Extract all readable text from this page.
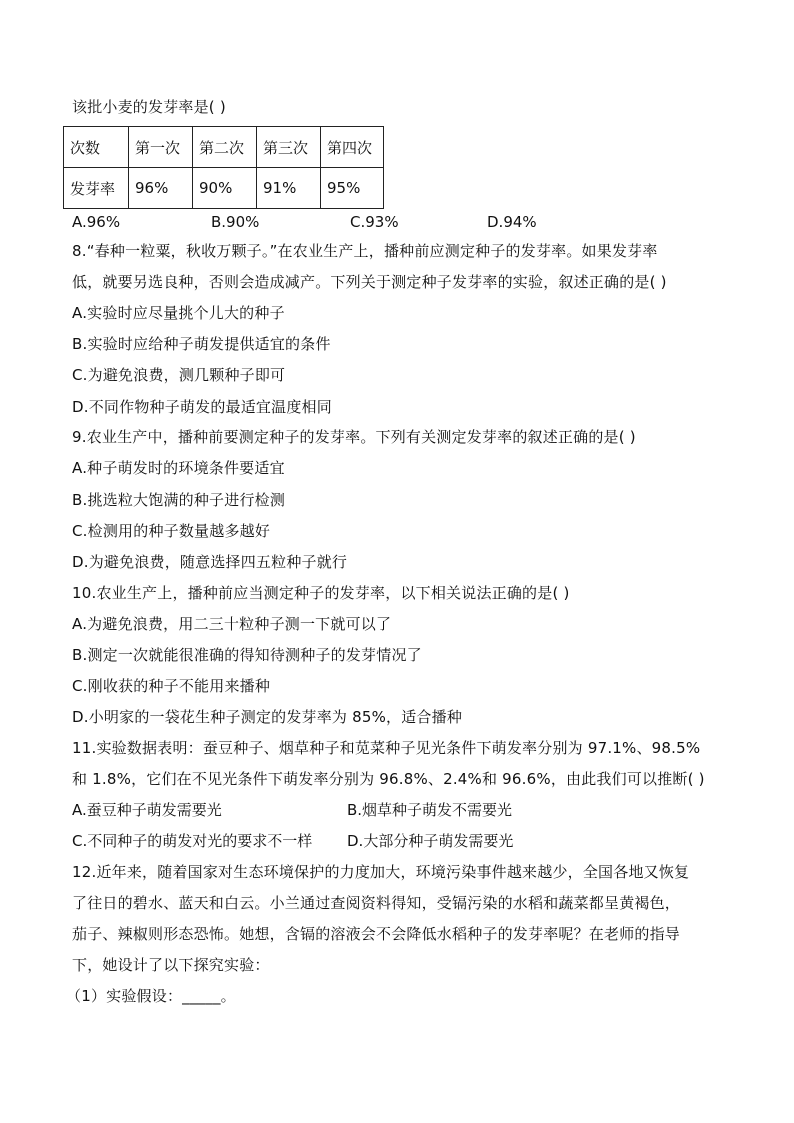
该批小麦的发芽率是( )
次数	第一次	第二次	第三次	第四次
发芽率	96%	90%	91%	95%
A.96%	B.90%	C.93%	D.94%
8.“春种一粒粟，秋收万颗子。”在农业生产上，播种前应测定种子的发芽率。如果发芽率
低，就要另选良种，否则会造成减产。下列关于测定种子发芽率的实验，叙述正确的是( )
A.实验时应尽量挑个儿大的种子
B.实验时应给种子萌发提供适宜的条件
C.为避免浪费，测几颗种子即可
D.不同作物种子萌发的最适宜温度相同
9.农业生产中，播种前要测定种子的发芽率。下列有关测定发芽率的叙述正确的是( )
A.种子萌发时的环境条件要适宜
B.挑选粒大饱满的种子进行检测
C.检测用的种子数量越多越好
D.为避免浪费，随意选择四五粒种子就行
10.农业生产上，播种前应当测定种子的发芽率，以下相关说法正确的是( )
A.为避免浪费，用二三十粒种子测一下就可以了
B.测定一次就能很准确的得知待测种子的发芽情况了
C.刚收获的种子不能用来播种
D.小明家的一袋花生种子测定的发芽率为 85%，适合播种
11.实验数据表明：蚕豆种子、烟草种子和苋菜种子见光条件下萌发率分别为 97.1%、98.5%
和 1.8%，它们在不见光条件下萌发率分别为 96.8%、2.4%和 96.6%，由此我们可以推断( )
A.蚕豆种子萌发需要光	B.烟草种子萌发不需要光
C.不同种子的萌发对光的要求不一样 D.大部分种子萌发需要光
12.近年来，随着国家对生态环境保护的力度加大，环境污染事件越来越少，全国各地又恢复
了往日的碧水、蓝天和白云。小兰通过查阅资料得知，受镉污染的水稻和蔬菜都呈黄褐色，
茄子、辣椒则形态恐怖。她想，含镉的溶液会不会降低水稻种子的发芽率呢？在老师的指导
下，她设计了以下探究实验：
（1）实验假设：_____。
